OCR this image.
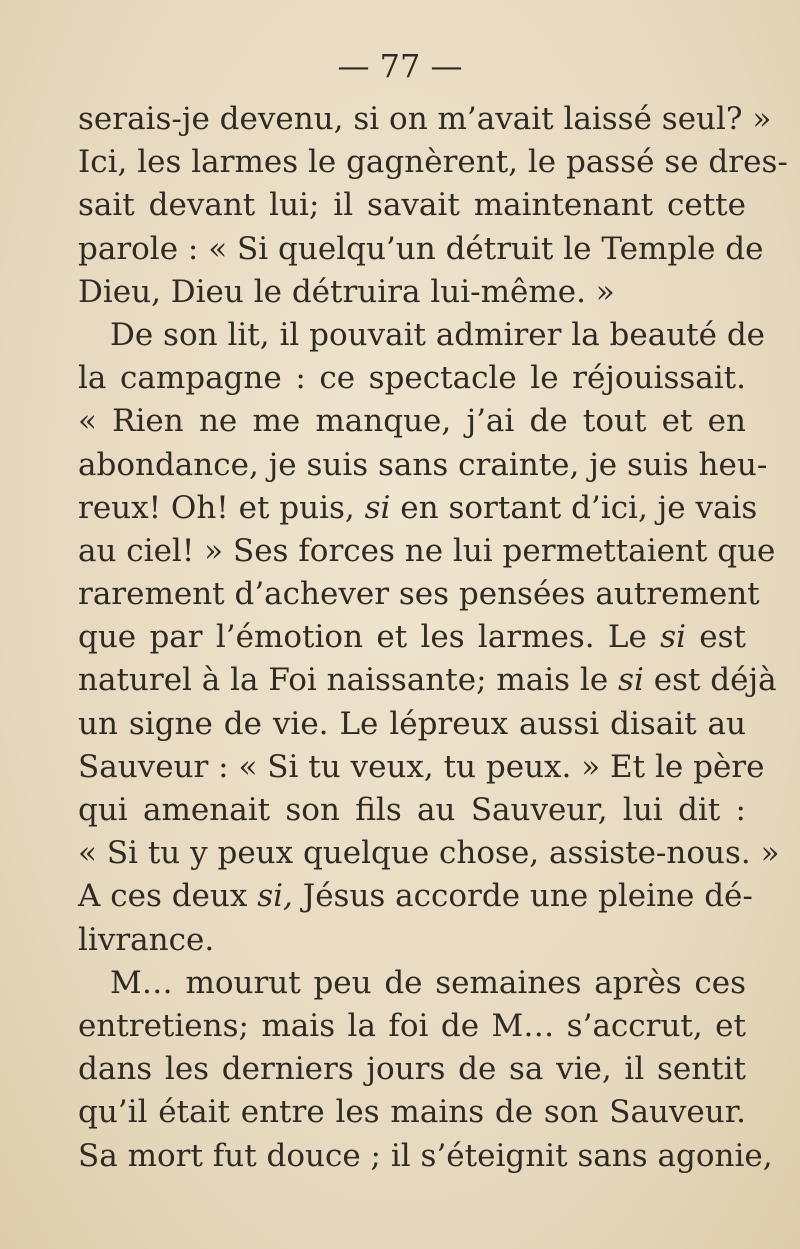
— 77 —
serais-je devenu, si on m’avait laissé seul? »
Ici, les larmes le gagnèrent, le passé se dres-
sait devant lui; il savait maintenant cette
parole : « Si quelqu’un détruit le Temple de
Dieu, Dieu le détruira lui-même. »
De son lit, il pouvait admirer la beauté de
la campagne : ce spectacle le réjouissait.
« Rien ne me manque, j’ai de tout et en
abondance, je suis sans crainte, je suis heu-
reux! Oh! et puis, si en sortant d’ici, je vais
au ciel! » Ses forces ne lui permettaient que
rarement d’achever ses pensées autrement
que par l’émotion et les larmes. Le si est
naturel à la Foi naissante; mais le si est déjà
un signe de vie. Le lépreux aussi disait au
Sauveur : « Si tu veux, tu peux. » Et le père
qui amenait son fils au Sauveur, lui dit :
« Si tu y peux quelque chose, assiste-nous. »
A ces deux si, Jésus accorde une pleine dé-
livrance.
M… mourut peu de semaines après ces
entretiens; mais la foi de M… s’accrut, et
dans les derniers jours de sa vie, il sentit
qu’il était entre les mains de son Sauveur.
Sa mort fut douce ; il s’éteignit sans agonie,
